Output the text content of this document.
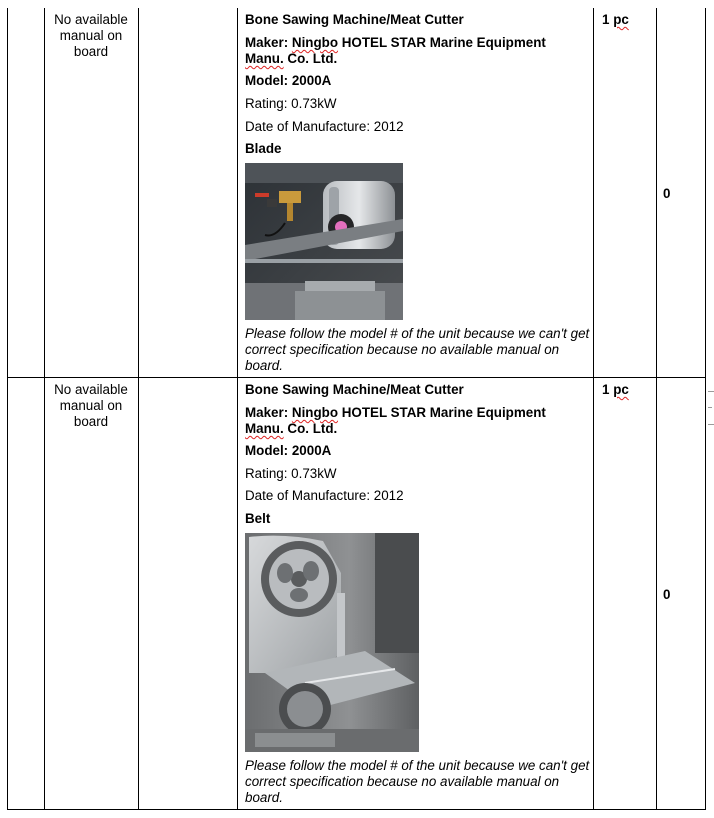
No available manual on board
Bone Sawing Machine/Meat Cutter
Maker: Ningbo HOTEL STAR Marine Equipment
Manu. Co. Ltd.
Model: 2000A
Rating: 0.73kW
Date of Manufacture: 2012
Blade
Please follow the model # of the unit because we can't get correct specification because no available manual on board.
1 pc
0
No available manual on board
Bone Sawing Machine/Meat Cutter
Maker: Ningbo HOTEL STAR Marine Equipment
Manu. Co. Ltd.
Model: 2000A
Rating: 0.73kW
Date of Manufacture: 2012
Belt
Please follow the model # of the unit because we can't get correct specification because no available manual on board.
1 pc
0
